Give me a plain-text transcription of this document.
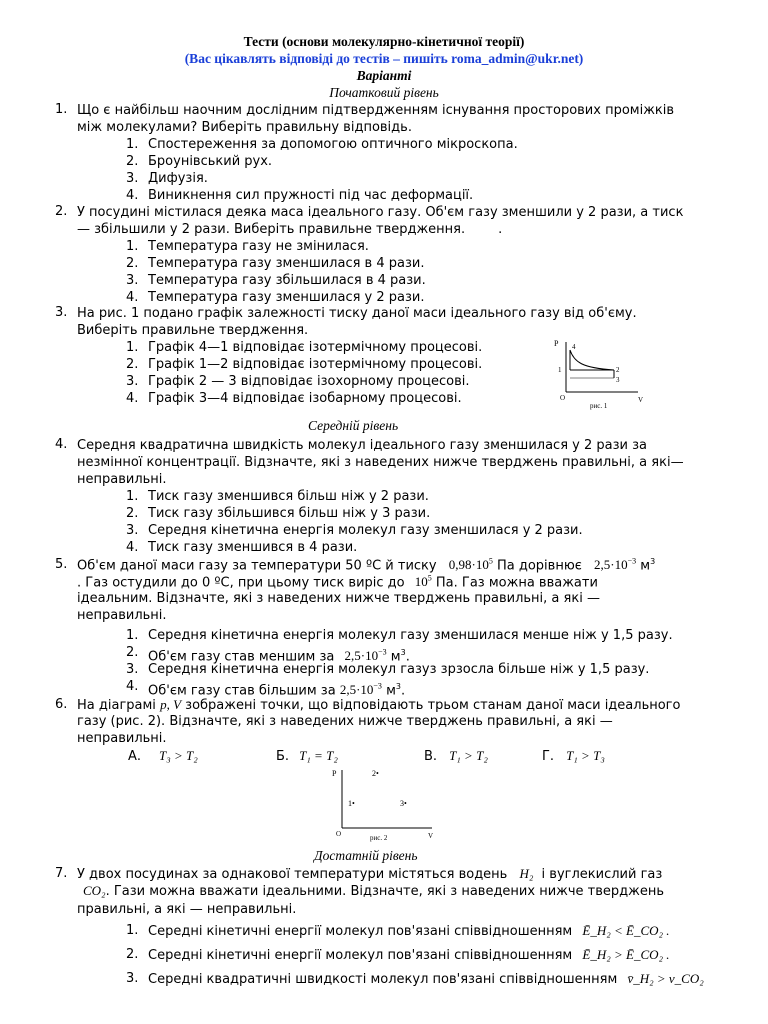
Тести (основи молекулярно-кінетичної теорії)
(Вас цікавлять відповіді до тестів – пишіть roma_admin@ukr.net)
Варіанті
Початковий рівень
1. Що є найбільш наочним дослідним підтвердженням існування просторових проміжків
між молекулами? Виберіть правильну відповідь.
1. Спостереження за допомогою оптичного мікроскопа.
2. Броунівський рух.
3. Дифузія.
4. Виникнення сил пружності під час деформації.
2. У посудині містилася деяка маса ідеального газу. Об'єм газу зменшили у 2 рази, а тиск
— збільшили у 2 рази. Виберіть правильне твердження.        .
1. Температура газу не змінилася.
2. Температура газу зменшилася в 4 рази.
3. Температура газу збільшилася в 4 рази.
4. Температура газу зменшилася у 2 рази.
3. На рис. 1 подано графік залежності тиску даної маси ідеального газу від об'єму.
Виберіть правильне твердження.
1. Графік 4—1 відповідає ізотермічному процесові.
2. Графік 1—2 відповідає ізотермічному процесові.
3. Графік 2 — 3 відповідає ізохорному процесові.
4. Графік 3—4 відповідає ізобарному процесові.
P 4
1	2
3
O
рис. 1
V
Середній рівень
4. Середня квадратична швидкість молекул ідеального газу зменшилася у 2 рази за
незмінної концентрації. Відзначте, які з наведених нижче тверджень правильні, а які—
неправильні.
1. Тиск газу зменшився більш ніж у 2 рази.
2. Тиск газу збільшився більш ніж у 3 рази.
3. Середня кінетична енергія молекул газу зменшилася у 2 рази.
4. Тиск газу зменшився в 4 рази.
5. Об'єм даної маси газу за температури 50 ºС й тиску $0,98\cdot 10^5$ Па дорівнює $2,5\cdot 10^{-3}$ $м^3$
. Газ остудили до 0 ºС, при цьому тиск виріс до $10^5$ Па. Газ можна вважати
ідеальним. Відзначте, які з наведених нижче тверджень правильні, а які —
неправильні.
1. Середня кінетична енергія молекул газу зменшилася менше ніж у 1,5 разу.
2. Об'єм газу став меншим за $2,5\cdot 10^{-3}$ $м^3$.
3. Середня кінетична енергія молекул газуз зрзосла більше ніж у 1,5 разу.
4. Об'єм газу став більшим за $2,5\cdot 10^{-3}$ $м^3$.
6. На діаграмі p, V зображені точки, що відповідають трьом станам даної маси ідеального
газу (рис. 2). Відзначте, які з наведених нижче тверджень правильні, а які —
неправильні.
А. T₃ > T₂	Б. T₁ = T₂	В. T₁ > T₂	Г. T₁ > T₃
P	2•
1•	3•
O	рис. 2	V
Достатній рівень
7. У двох посудинах за однакової температури містяться водень H₂ і вуглекислий газ
CO₂. Гази можна вважати ідеальними. Відзначте, які з наведених нижче тверджень
правильні, а які — неправильні.
1. Середні кінетичні енергії молекул пов'язані співвідношенням Ē_H₂ < Ē_CO₂ .
2. Середні кінетичні енергії молекул пов'язані співвідношенням Ē_H₂ > Ē_CO₂ .
3. Середні квадратичні швидкості молекул пов'язані співвідношенням v̄_H₂ > v_CO₂
